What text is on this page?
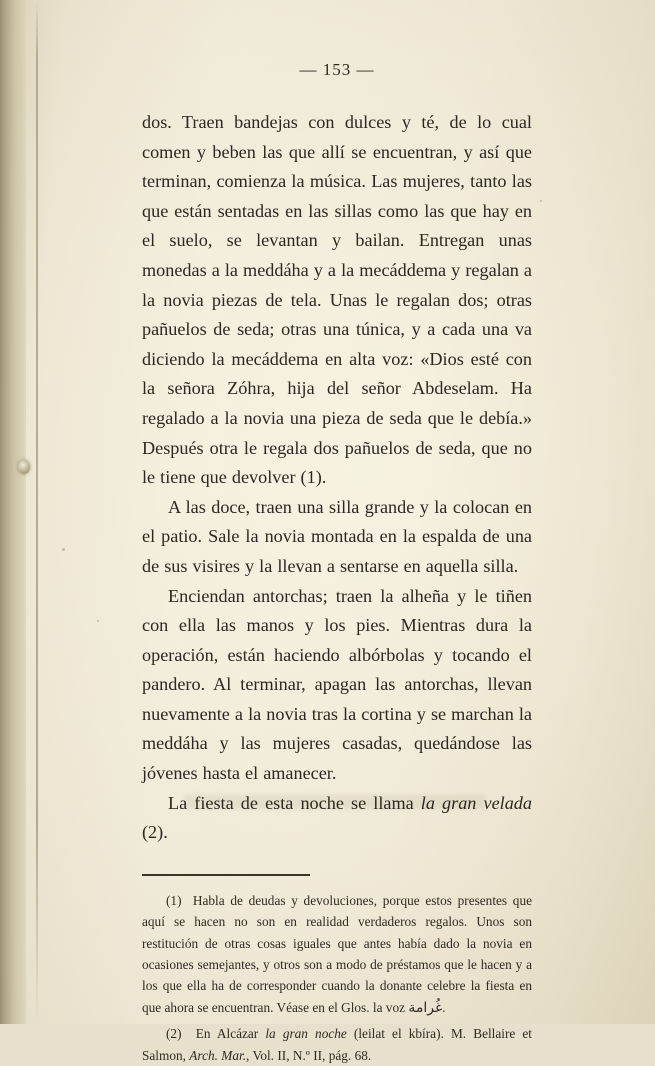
— 153 —

dos. Traen bandejas con dulces y té, de lo cual comen y beben las que allí se encuentran, y así que terminan, comienza la música. Las mujeres, tanto las que están sentadas en las sillas como las que hay en el suelo, se levantan y bailan. Entregan unas monedas a la meddáha y a la mecáddema y regalan a la novia piezas de tela. Unas le regalan dos; otras pañuelos de seda; otras una túnica, y a cada una va diciendo la mecáddema en alta voz: «Dios esté con la señora Zóhra, hija del señor Abdeselam. Ha regalado a la novia una pieza de seda que le debía.» Después otra le regala dos pañuelos de seda, que no le tiene que devolver (1).

A las doce, traen una silla grande y la colocan en el patio. Sale la novia montada en la espalda de una de sus visires y la llevan a sentarse en aquella silla.

Enciendan antorchas; traen la alheña y le tiñen con ella las manos y los pies. Mientras dura la operación, están haciendo albórbolas y tocando el pandero. Al terminar, apagan las antorchas, llevan nuevamente a la novia tras la cortina y se marchan la meddáha y las mujeres casadas, quedándose las jóvenes hasta el amanecer.

La fiesta de esta noche se llama la gran velada (2).

(1) Habla de deudas y devoluciones, porque estos presentes que aquí se hacen no son en realidad verdaderos regalos. Unos son restitución de otras cosas iguales que antes había dado la novia en ocasiones semejantes, y otros son a modo de préstamos que le hacen y a los que ella ha de corresponder cuando la donante celebre la fiesta en que ahora se encuentran. Véase en el Glos. la voz غُرامة.

(2) En Alcázar la gran noche (leilat el kbíra). M. Bellaire et Salmon, Arch. Mar., Vol. II, N.º II, pág. 68.
